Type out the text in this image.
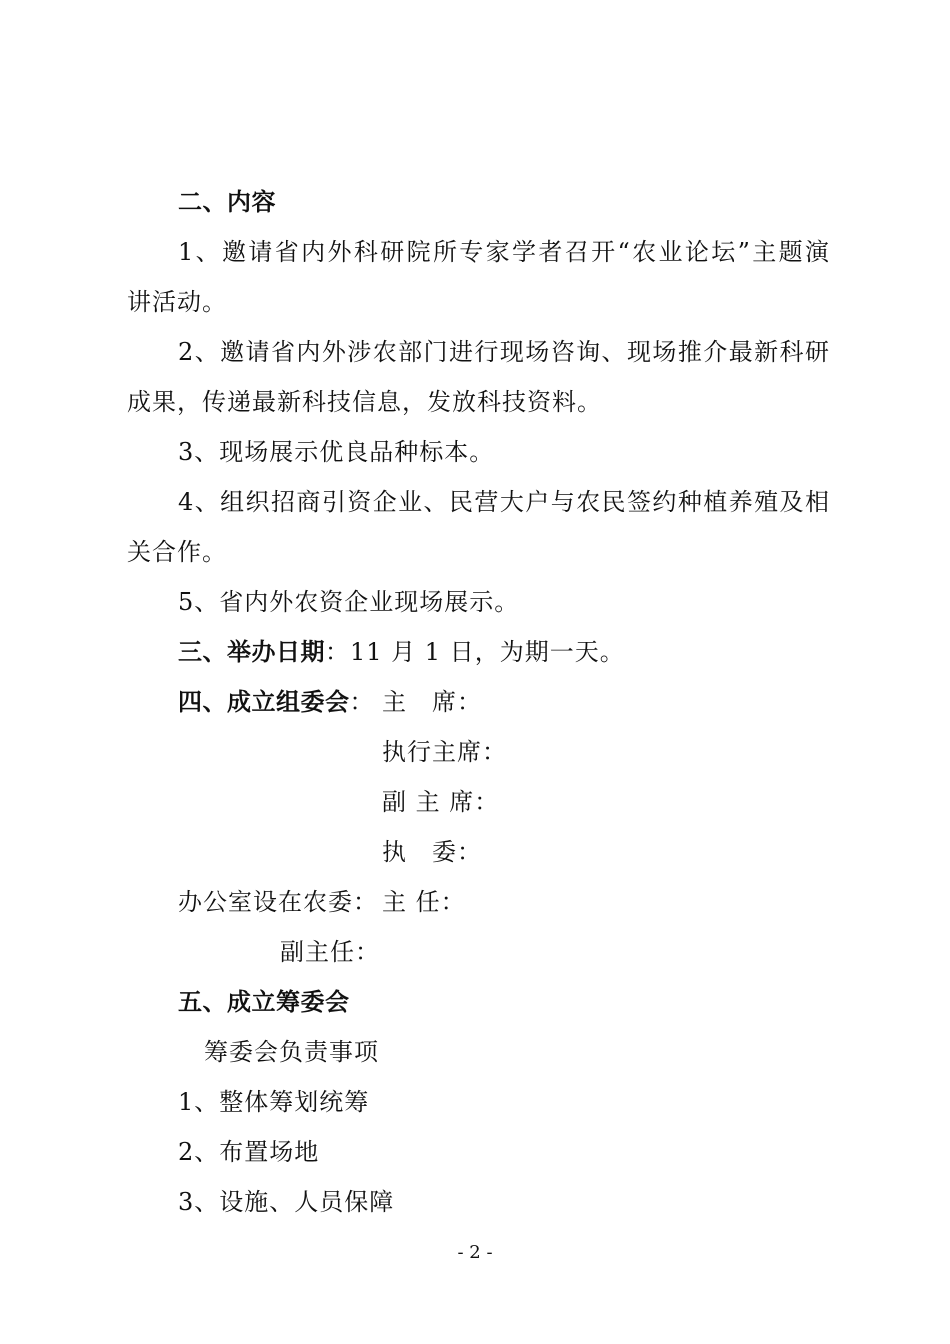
二、内容
1、邀请省内外科研院所专家学者召开“农业论坛”主题演
讲活动。
2、邀请省内外涉农部门进行现场咨询、现场推介最新科研
成果，传递最新科技信息，发放科技资料。
3、现场展示优良品种标本。
4、组织招商引资企业、民营大户与农民签约种植养殖及相
关合作。
5、省内外农资企业现场展示。
三、举办日期：11 月 1 日，为期一天。
四、成立组委会： 主　席：
执行主席：
副 主 席：
执　委：
办公室设在农委： 主 任：
副主任：
五、成立筹委会
筹委会负责事项
1、整体筹划统筹
2、布置场地
3、设施、人员保障
- 2 -
